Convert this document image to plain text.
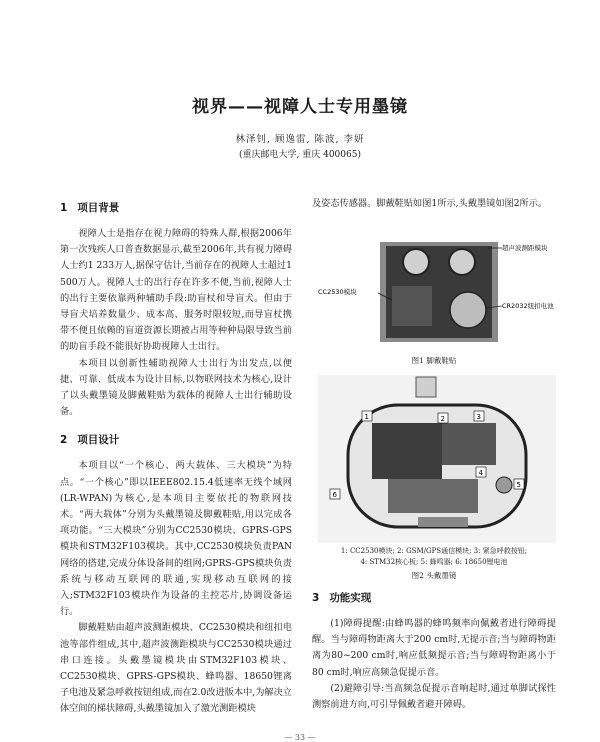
视界——视障人士专用墨镜
林泽钊, 顾逸雷, 陈波, 李妍
(重庆邮电大学, 重庆 400065)
1 项目背景

视障人士是指存在视力障碍的特殊人群,根据2006年第一次残疾人口普查数据显示,截至2006年,共有视力障碍人士约1 233万人,据保守估计,当前存在的视障人士超过1 500万人。视障人士的出行存在许多不便,当前,视障人士的出行主要依靠两种辅助手段:助盲杖和导盲犬。但由于导盲犬培养数量少、成本高、服务时限较短,而导盲杖携带不便且依赖的盲道资源长期被占用等种种局限导致当前的助盲手段不能很好协助视障人士出行。

本项目以创新性辅助视障人士出行为出发点,以便捷、可靠、低成本为设计目标,以物联网技术为核心,设计了以头戴墨镜及脚戴鞋贴为载体的视障人士出行辅助设备。

2 项目设计

本项目以“一个核心、两大载体、三大模块”为特点。“一个核心”即以IEEE802.15.4低速率无线个域网(LR-WPAN)为核心,是本项目主要依托的物联网技术。“两大载体”分别为头戴墨镜及脚戴鞋贴,用以完成各项功能。“三大模块”分别为CC2530模块、GPRS-GPS模块和STM32F103模块。其中,CC2530模块负责PAN网络的搭建,完成分体设备间的组网;GPRS-GPS模块负责系统与移动互联网的联通,实现移动互联网的接入;STM32F103模块作为设备的主控芯片,协调设备运行。

脚戴鞋贴由超声波测距模块、CC2530模块和纽扣电池等部件组成,其中,超声波测距模块与CC2530模块通过串口连接。头戴墨镜模块由STM32F103模块、CC2530模块、GPRS-GPS模块、蜂鸣器、18650锂离子电池及紧急呼救按钮组成,而在2.0改进版本中,为解决立体空间的梯状障碍,头戴墨镜加入了激光测距模块

及姿态传感器。脚戴鞋贴如图1所示,头戴墨镜如图2所示。
超声波测距模块
CC2530模块
CR2032纽扣电池
图1 脚戴鞋贴
1	2	3
4
5
6
1: CC2530模块; 2: GSM/GPS通信模块; 3: 紧急呼救按钮;
4: STM32核心板; 5: 蜂鸣器; 6: 18650锂电池
图2 头戴墨镜
3 功能实现

(1)障碍提醒:由蜂鸣器的蜂鸣频率向佩戴者进行障碍提醒。当与障碍物距离大于200 cm时,无提示音;当与障碍物距离为80~200 cm时,响应低频提示音;当与障碍物距离小于80 cm时,响应高频急促提示音。

(2)避障引导:当高频急促提示音响起时,通过单脚试探性测察前进方向,可引导佩戴者避开障碍。

— 33 —
